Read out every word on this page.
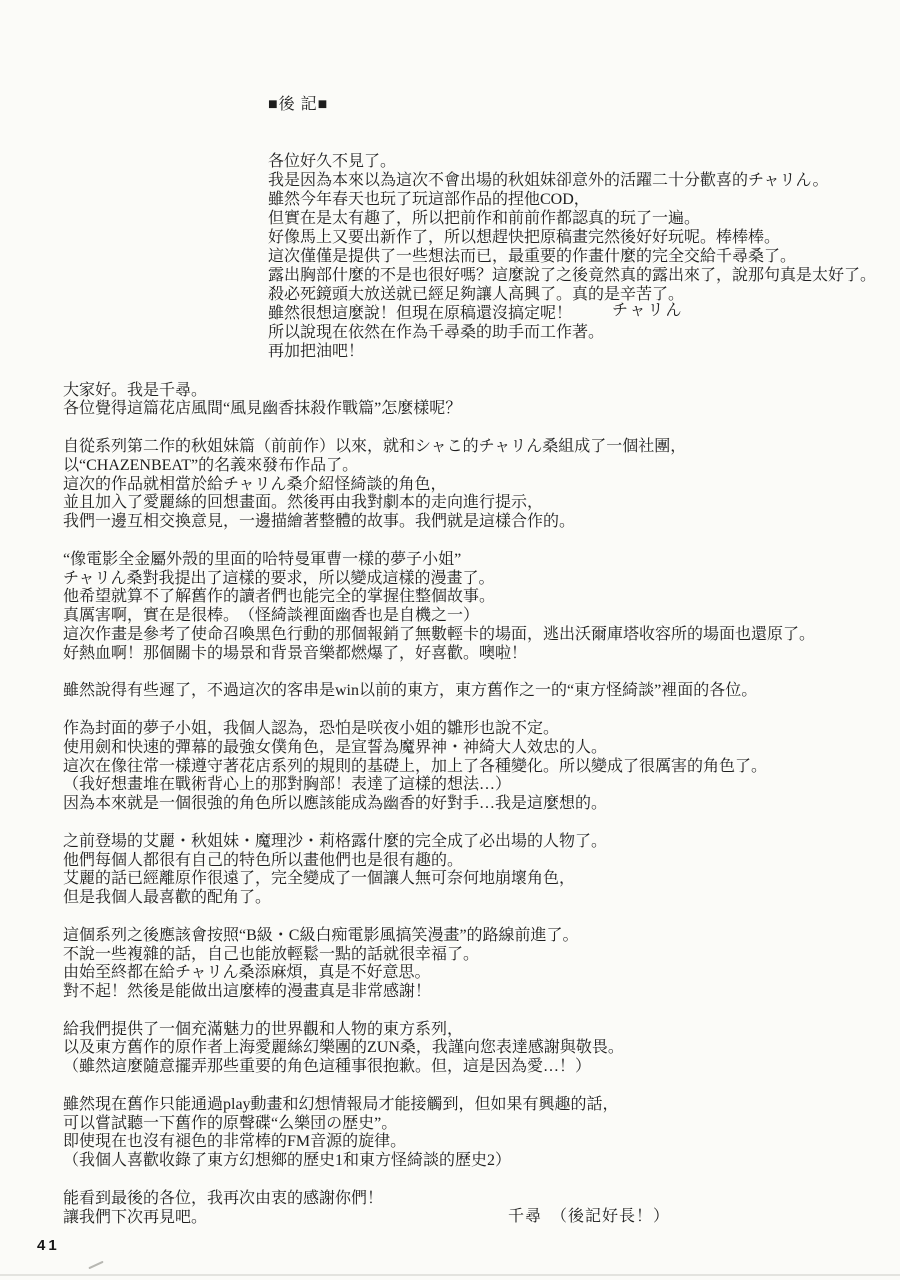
■後 記■

各位好久不見了。
我是因為本來以為這次不會出場的秋姐妹卻意外的活躍二十分歡喜的チャリん。
雖然今年春天也玩了玩這部作品的捏他COD，
但實在是太有趣了，所以把前作和前前作都認真的玩了一遍。
好像馬上又要出新作了，所以想趕快把原稿畫完然後好好玩呢。棒棒棒。
這次僅僅是提供了一些想法而已，最重要的作畫什麼的完全交給千尋桑了。
露出胸部什麼的不是也很好嗎？這麼說了之後竟然真的露出來了，說那句真是太好了。
殺必死鏡頭大放送就已經足夠讓人高興了。真的是辛苦了。
雖然很想這麼說！但現在原稿還沒搞定呢！
所以說現在依然在作為千尋桑的助手而工作著。
再加把油吧！

チャリん

大家好。我是千尋。
各位覺得這篇花店風間“風見幽香抹殺作戰篇”怎麼樣呢？

自從系列第二作的秋姐妹篇（前前作）以來，就和シャこ的チャリん桑組成了一個社團，
以“CHAZENBEAT”的名義來發布作品了。
這次的作品就相當於給チャリん桑介紹怪綺談的角色，
並且加入了愛麗絲的回想畫面。然後再由我對劇本的走向進行提示，
我們一邊互相交換意見，一邊描繪著整體的故事。我們就是這樣合作的。

“像電影全金屬外殼的里面的哈特曼軍曹一樣的夢子小姐”
チャリん桑對我提出了這樣的要求，所以變成這樣的漫畫了。
他希望就算不了解舊作的讀者們也能完全的掌握住整個故事。
真厲害啊，實在是很棒。　（怪綺談裡面幽香也是自機之一）
這次作畫是參考了使命召喚黑色行動的那個報銷了無數輕卡的場面，逃出沃爾庫塔收容所的場面也還原了。
好熱血啊！那個關卡的場景和背景音樂都燃爆了，好喜歡。噢啦！

雖然說得有些遲了，不過這次的客串是win以前的東方，東方舊作之一的“東方怪綺談”裡面的各位。

作為封面的夢子小姐，我個人認為，恐怕是咲夜小姐的雛形也說不定。
使用劍和快速的彈幕的最強女僕角色，是宣誓為魔界神・神綺大人效忠的人。
這次在像往常一樣遵守著花店系列的規則的基礎上，加上了各種變化。所以變成了很厲害的角色了。
（我好想畫堆在戰術背心上的那對胸部！表達了這樣的想法…）
因為本來就是一個很強的角色所以應該能成為幽香的好對手…我是這麼想的。

之前登場的艾麗・秋姐妹・魔理沙・莉格露什麼的完全成了必出場的人物了。
他們每個人都很有自己的特色所以畫他們也是很有趣的。
艾麗的話已經離原作很遠了，完全變成了一個讓人無可奈何地崩壞角色，
但是我個人最喜歡的配角了。

這個系列之後應該會按照“B級・C級白痴電影風搞笑漫畫”的路線前進了。
不說一些複雜的話，自己也能放輕鬆一點的話就很幸福了。
由始至終都在給チャリん桑添麻煩，真是不好意思。
對不起！然後是能做出這麼棒的漫畫真是非常感謝！

給我們提供了一個充滿魅力的世界觀和人物的東方系列，
以及東方舊作的原作者上海愛麗絲幻樂團的ZUN桑，我謹向您表達感謝與敬畏。
（雖然這麼隨意擺弄那些重要的角色這種事很抱歉。但，這是因為愛…！）

雖然現在舊作只能通過play動畫和幻想情報局才能接觸到，但如果有興趣的話，
可以嘗試聽一下舊作的原聲碟“么樂団の歴史”。
即使現在也沒有褪色的非常棒的FM音源的旋律。
（我個人喜歡收錄了東方幻想鄉的歷史1和東方怪綺談的歷史2）

能看到最後的各位，我再次由衷的感謝你們！
讓我們下次再見吧。	千尋　（後記好長！）
41
